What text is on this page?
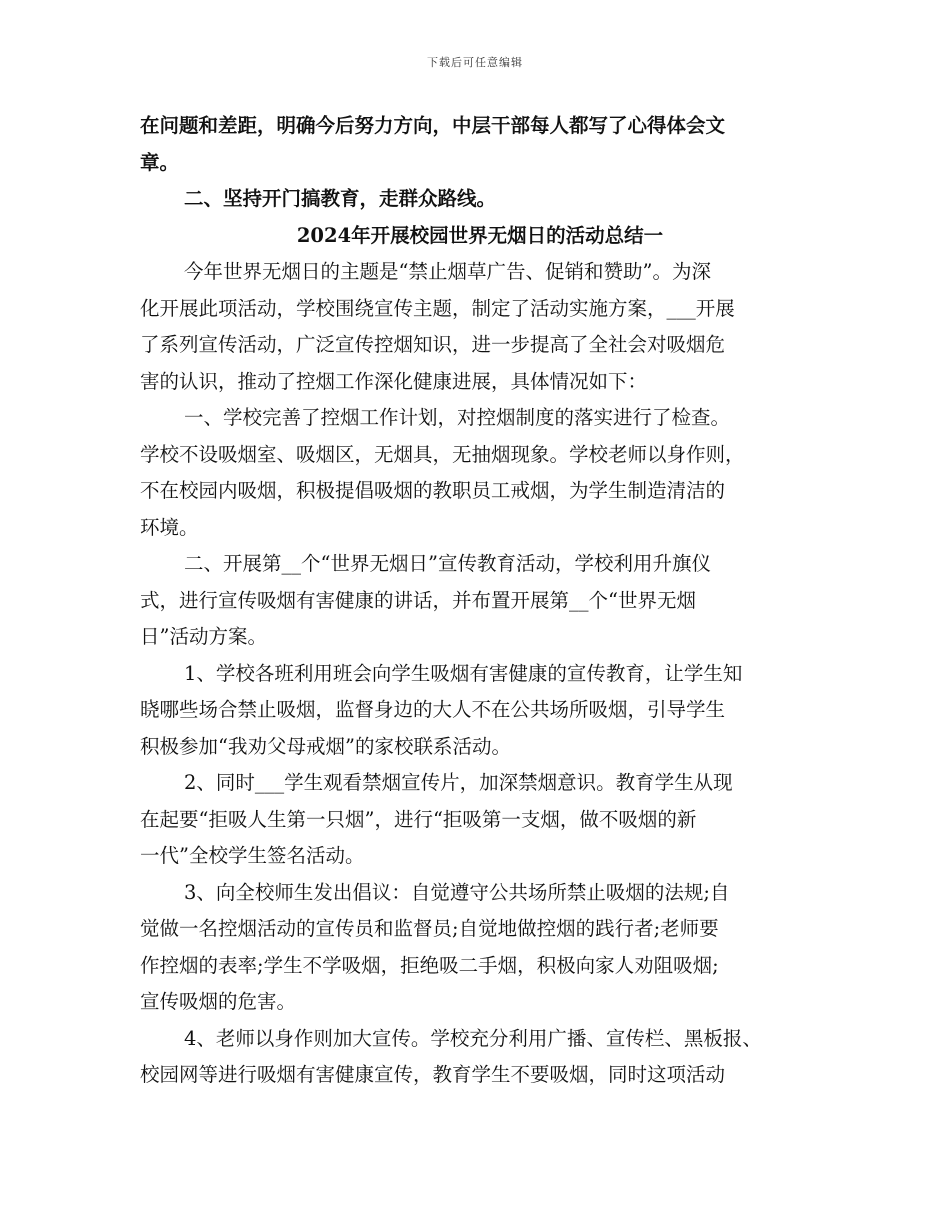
下载后可任意编辑

在问题和差距，明确今后努力方向，中层干部每人都写了心得体会文
章。

二、坚持开门搞教育，走群众路线。

2024年开展校园世界无烟日的活动总结一

今年世界无烟日的主题是“禁止烟草广告、促销和赞助”。为深
化开展此项活动，学校围绕宣传主题，制定了活动实施方案，___开展
了系列宣传活动，广泛宣传控烟知识，进一步提高了全社会对吸烟危
害的认识，推动了控烟工作深化健康进展，具体情况如下：

一、学校完善了控烟工作计划，对控烟制度的落实进行了检查。
学校不设吸烟室、吸烟区，无烟具，无抽烟现象。学校老师以身作则，
不在校园内吸烟，积极提倡吸烟的教职员工戒烟，为学生制造清洁的
环境。

二、开展第__个“世界无烟日”宣传教育活动，学校利用升旗仪
式，进行宣传吸烟有害健康的讲话，并布置开展第__个“世界无烟
日”活动方案。

1、学校各班利用班会向学生吸烟有害健康的宣传教育，让学生知
晓哪些场合禁止吸烟，监督身边的大人不在公共场所吸烟，引导学生
积极参加“我劝父母戒烟”的家校联系活动。

2、同时___学生观看禁烟宣传片，加深禁烟意识。教育学生从现
在起要“拒吸人生第一只烟”，进行“拒吸第一支烟，做不吸烟的新
一代”全校学生签名活动。

3、向全校师生发出倡议：自觉遵守公共场所禁止吸烟的法规;自
觉做一名控烟活动的宣传员和监督员;自觉地做控烟的践行者;老师要
作控烟的表率;学生不学吸烟，拒绝吸二手烟，积极向家人劝阻吸烟;
宣传吸烟的危害。

4、老师以身作则加大宣传。学校充分利用广播、宣传栏、黑板报、
校园网等进行吸烟有害健康宣传，教育学生不要吸烟，同时这项活动
